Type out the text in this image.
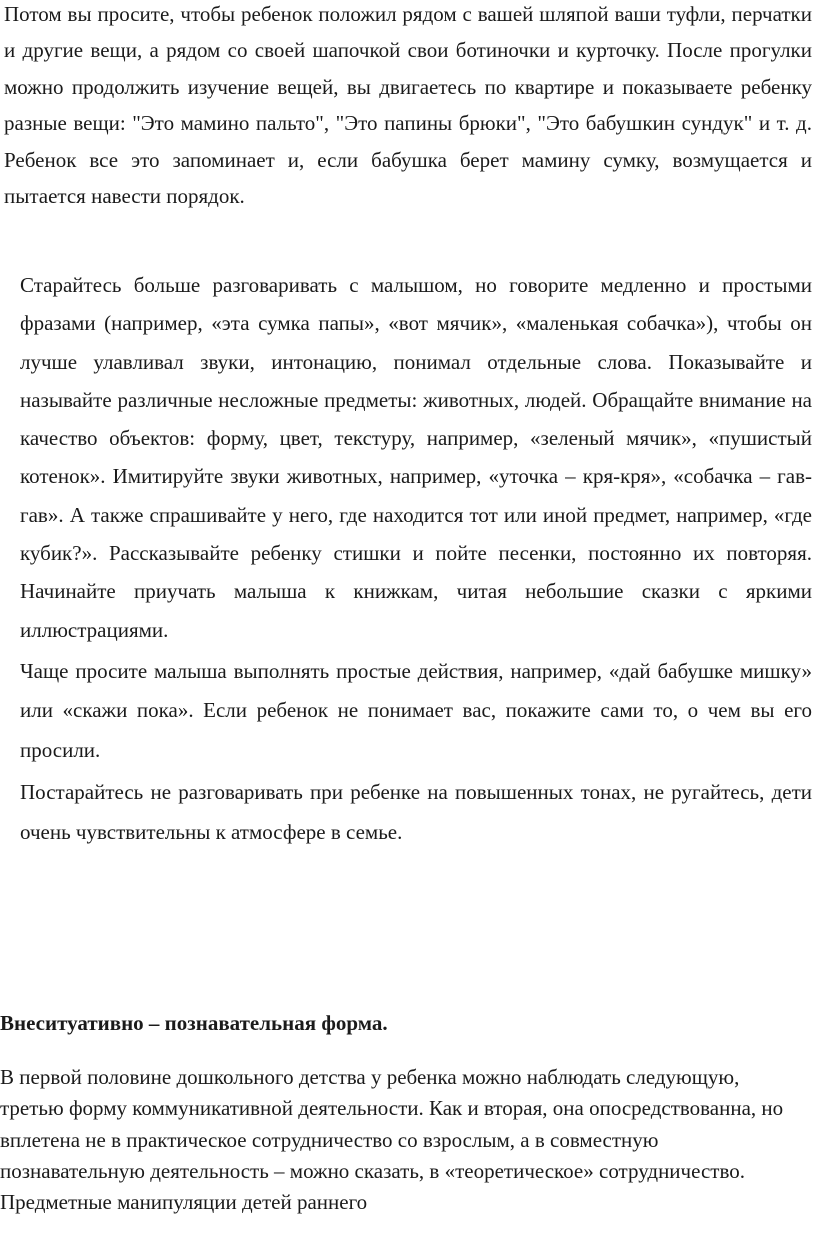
Потом вы просите, чтобы ребенок положил рядом с вашей шляпой ваши туфли, перчатки и другие вещи, а рядом со своей шапочкой свои ботиночки и курточку. После прогулки можно продолжить изучение вещей, вы двигаетесь по квартире и показываете ребенку разные вещи: "Это мамино пальто", "Это папины брюки", "Это бабушкин сундук" и т. д. Ребенок все это запоминает и, если бабушка берет мамину сумку, возмущается и пытается навести порядок.

Старайтесь больше разговаривать с малышом, но говорите медленно и простыми фразами (например, «эта сумка папы», «вот мячик», «маленькая собачка»), чтобы он лучше улавливал звуки, интонацию, понимал отдельные слова. Показывайте и называйте различные несложные предметы: животных, людей. Обращайте внимание на качество объектов: форму, цвет, текстуру, например, «зеленый мячик», «пушистый котенок». Имитируйте звуки животных, например, «уточка – кря-кря», «собачка – гав-гав». А также спрашивайте у него, где находится тот или иной предмет, например, «где кубик?». Рассказывайте ребенку стишки и пойте песенки, постоянно их повторяя. Начинайте приучать малыша к книжкам, читая небольшие сказки с яркими иллюстрациями.

Чаще просите малыша выполнять простые действия, например, «дай бабушке мишку» или «скажи пока». Если ребенок не понимает вас, покажите сами то, о чем вы его просили.

Постарайтесь не разговаривать при ребенке на повышенных тонах, не ругайтесь, дети очень чувствительны к атмосфере в семье.

Внеситуативно – познавательная форма.

В первой половине дошкольного детства у ребенка можно наблюдать следующую, третью форму коммуникативной деятельности. Как и вторая, она опосредствованна, но вплетена не в практическое сотрудничество со взрослым, а в совместную познавательную деятельность – можно сказать, в «теоретическое» сотрудничество. Предметные манипуляции детей раннего
